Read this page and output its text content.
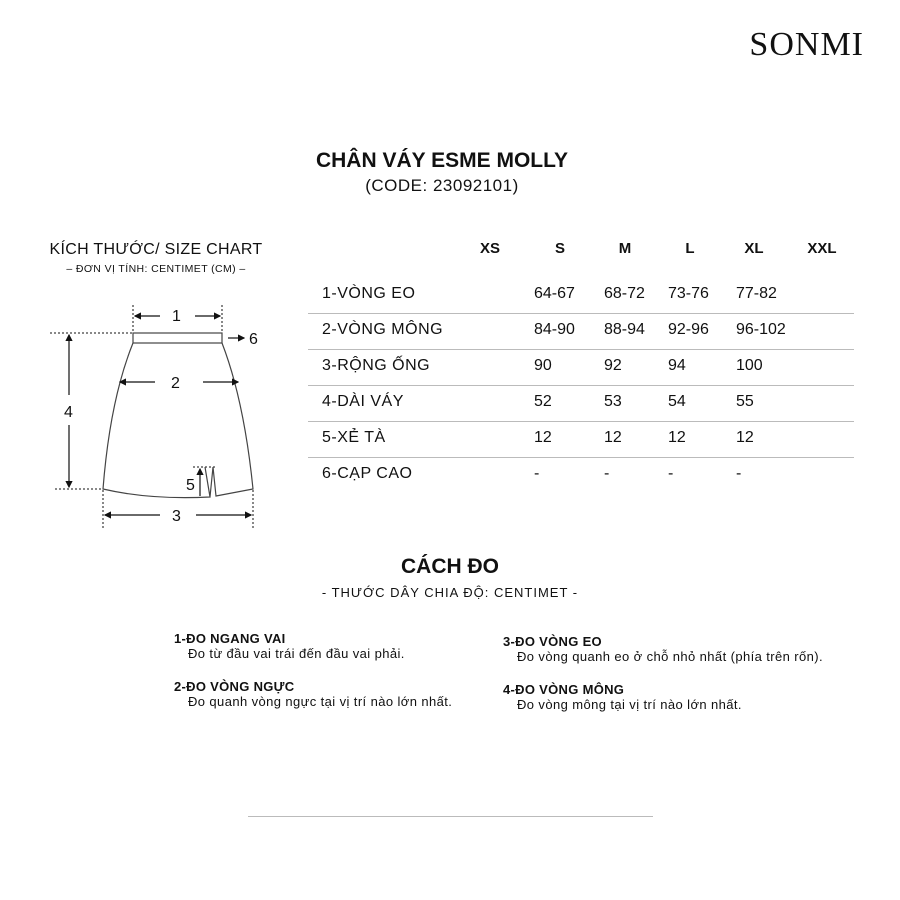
SONMI
CHÂN VÁY ESME MOLLY
(CODE: 23092101)
KÍCH THƯỚC/ SIZE CHART
– ĐƠN VỊ TÍNH: CENTIMET (CM) –
1
2
3
4
5
6
XS	S	M	L	XL	XXL
1-VÒNG EO	64-67 68-72 73-76 77-82
2-VÒNG MÔNG	84-90 88-94 92-96 96-102
3-RỘNG ỐNG	90	92	94	100
4-DÀI VÁY	52	53	54	55
5-XẺ TÀ	12	12	12	12
6-CẠP CAO	-	-	-	-
CÁCH ĐO
- THƯỚC DÂY CHIA ĐỘ: CENTIMET -
1-ĐO NGANG VAI
Đo từ đầu vai trái đến đầu vai phải.
2-ĐO VÒNG NGỰC
Đo quanh vòng ngực tại vị trí nào lớn nhất.
3-ĐO VÒNG EO
Đo vòng quanh eo ở chỗ nhỏ nhất (phía trên rốn).
4-ĐO VÒNG MÔNG
Đo vòng mông tại vị trí nào lớn nhất.
